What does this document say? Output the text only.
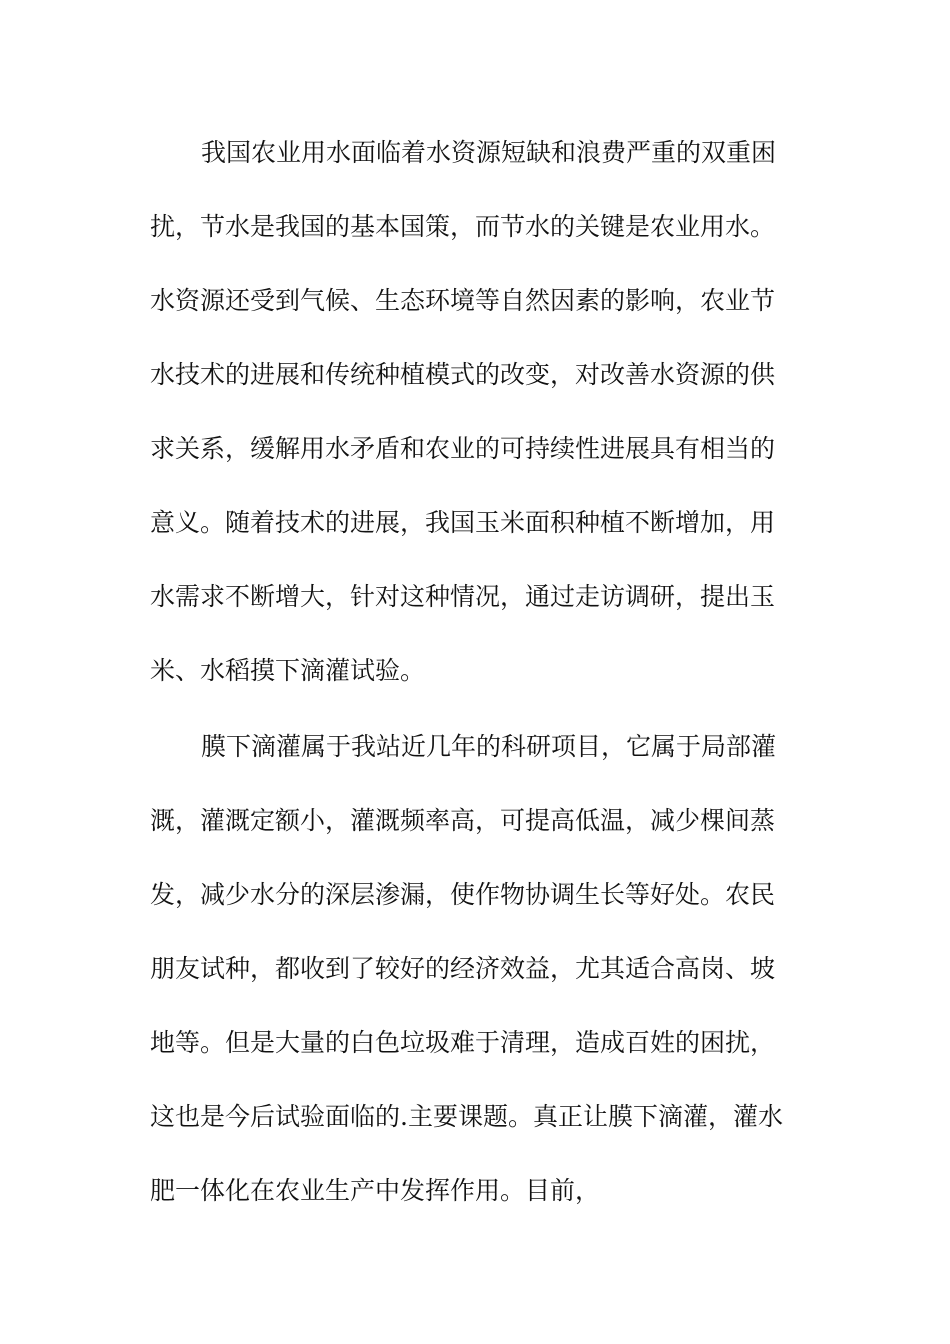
我国农业用水面临着水资源短缺和浪费严重的双重困

扰，节水是我国的基本国策，而节水的关键是农业用水。

水资源还受到气候、生态环境等自然因素的影响，农业节

水技术的进展和传统种植模式的改变，对改善水资源的供

求关系，缓解用水矛盾和农业的可持续性进展具有相当的

意义。随着技术的进展，我国玉米面积种植不断增加，用

水需求不断增大，针对这种情况，通过走访调研，提出玉

米、水稻摸下滴灌试验。

膜下滴灌属于我站近几年的科研项目，它属于局部灌

溉，灌溉定额小，灌溉频率高，可提高低温，减少棵间蒸

发，减少水分的深层渗漏，使作物协调生长等好处。农民

朋友试种，都收到了较好的经济效益，尤其适合高岗、坡

地等。但是大量的白色垃圾难于清理，造成百姓的困扰，

这也是今后试验面临的.主要课题。真正让膜下滴灌，灌水

肥一体化在农业生产中发挥作用。目前，
